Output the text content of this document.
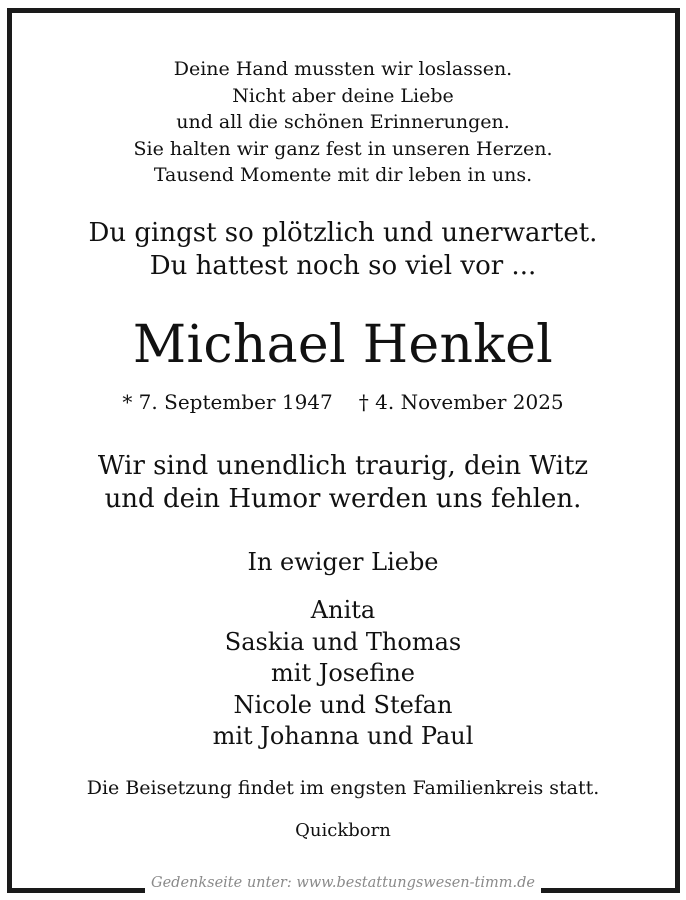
Deine Hand mussten wir loslassen.
Nicht aber deine Liebe
und all die schönen Erinnerungen.
Sie halten wir ganz fest in unseren Herzen.
Tausend Momente mit dir leben in uns.
Du gingst so plötzlich und unerwartet.
Du hattest noch so viel vor ...
Michael Henkel
* 7. September 1947 † 4. November 2025
Wir sind unendlich traurig, dein Witz
und dein Humor werden uns fehlen.
In ewiger Liebe
Anita
Saskia und Thomas
mit Josefine
Nicole und Stefan
mit Johanna und Paul
Die Beisetzung findet im engsten Familienkreis statt.
Quickborn
Gedenkseite unter: www.bestattungswesen-timm.de
